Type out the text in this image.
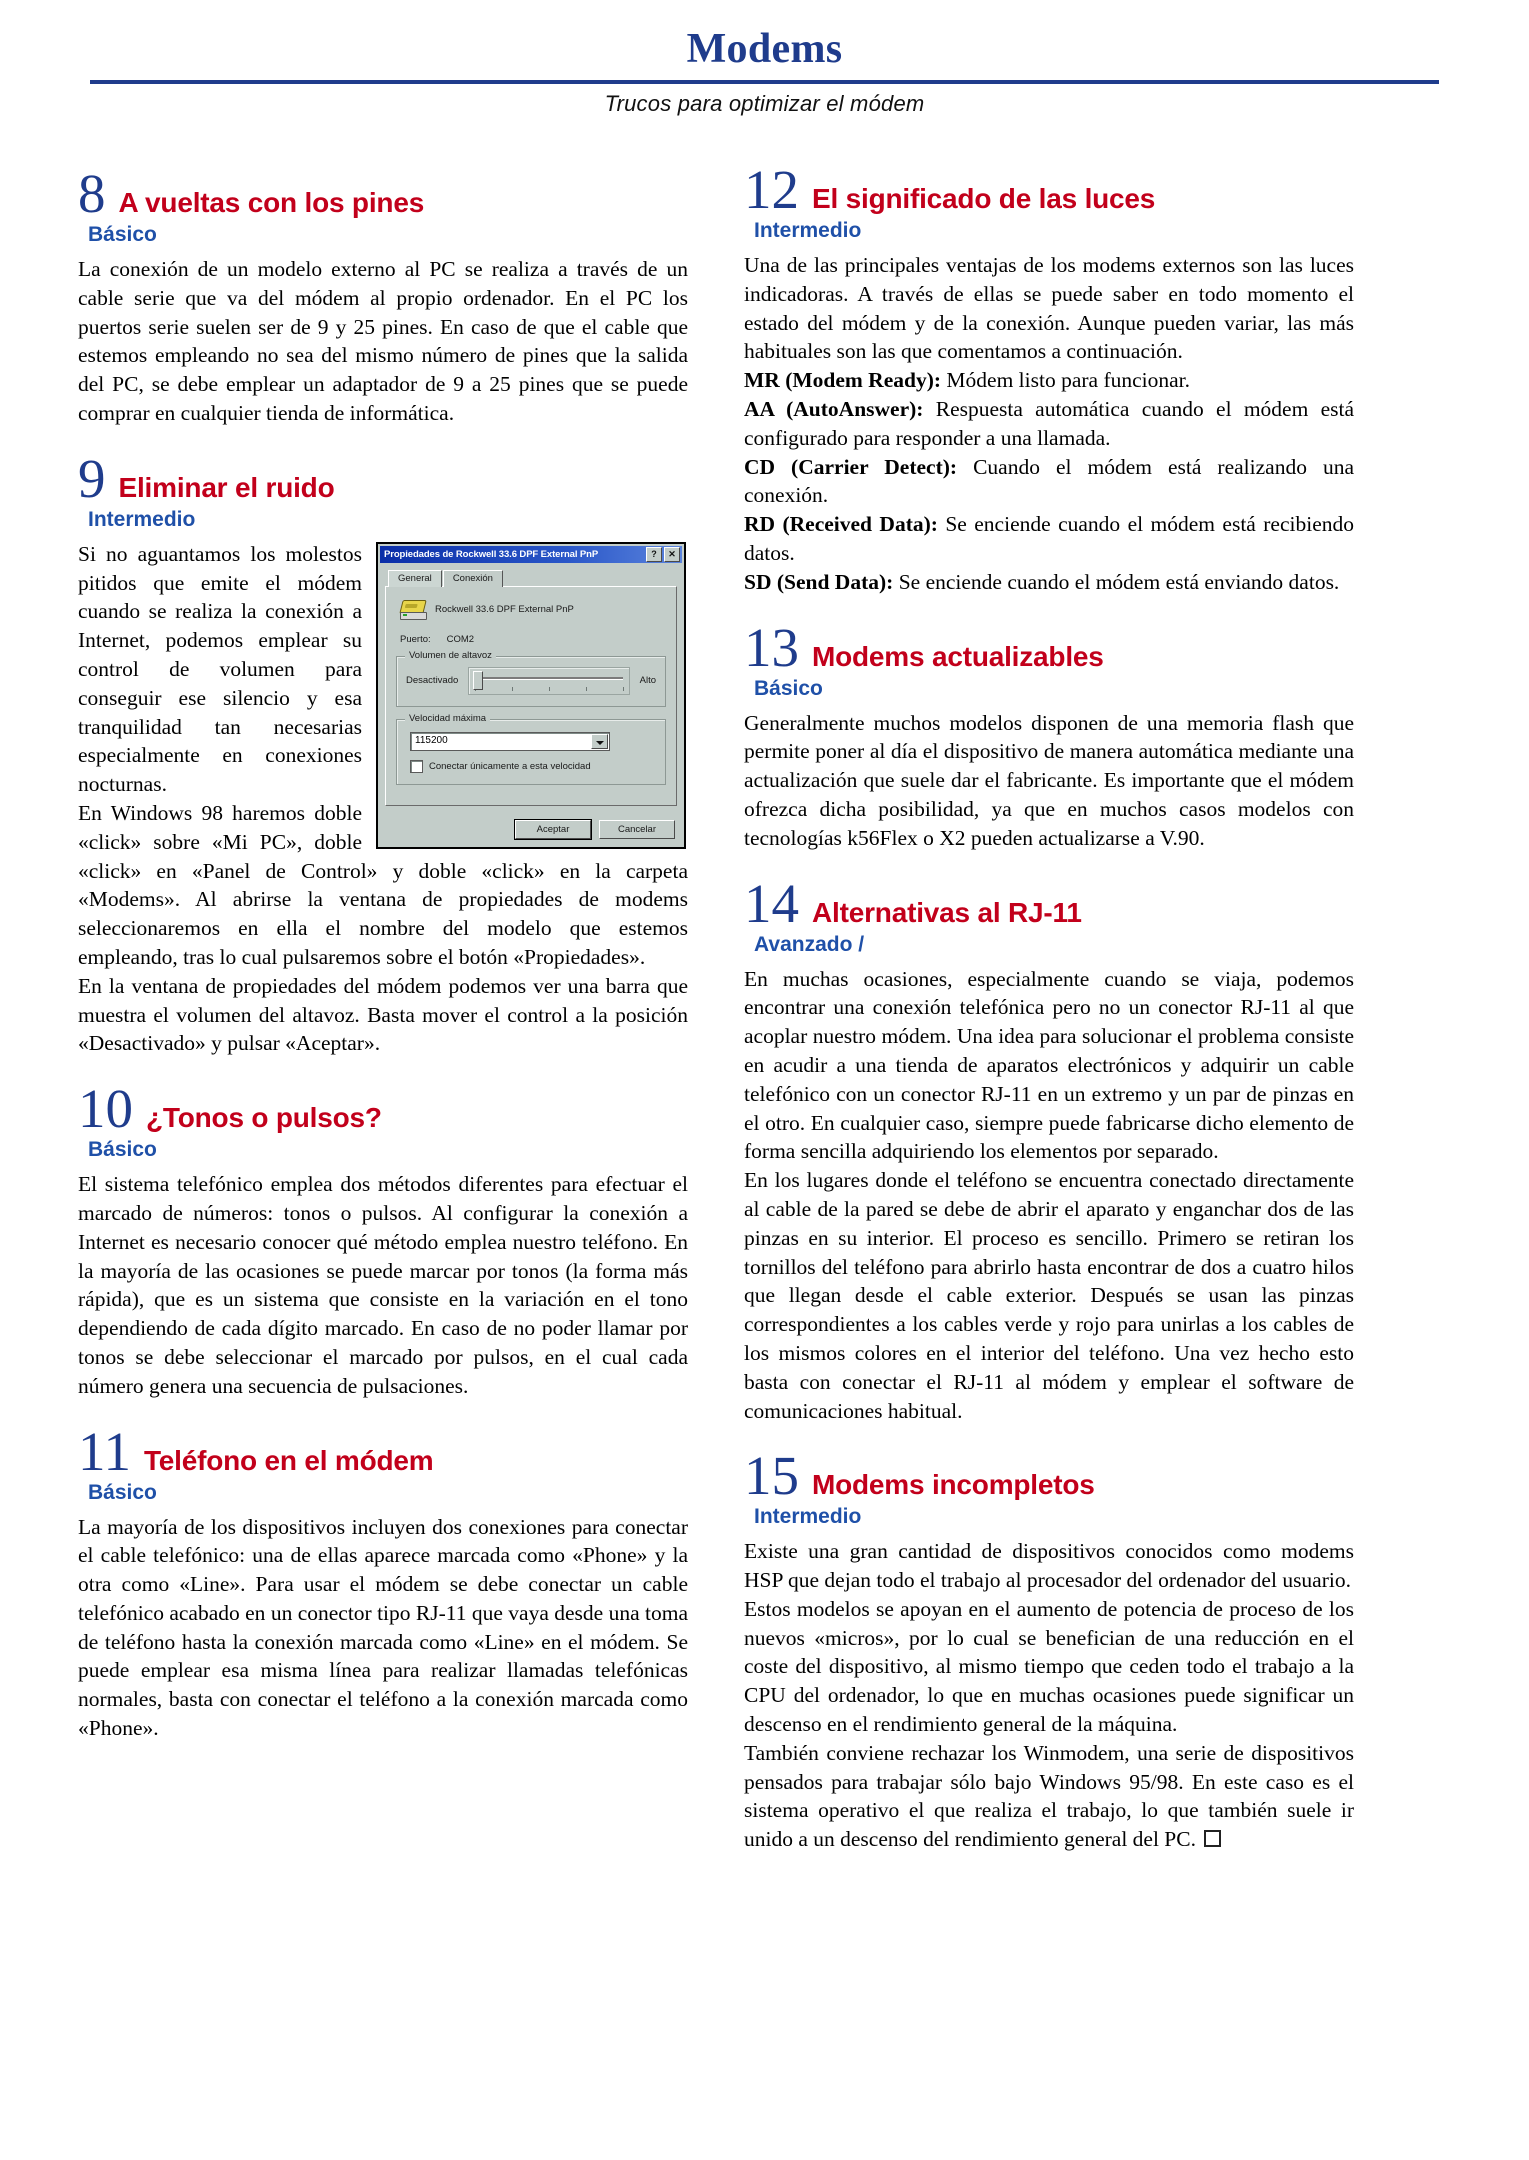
Modems
Trucos para optimizar el módem
8 A vueltas con los pines
Básico

La conexión de un modelo externo al PC se realiza a través de un cable serie que va del módem al propio ordenador. En el PC los puertos serie suelen ser de 9 y 25 pines. En caso de que el cable que estemos empleando no sea del mismo número de pines que la salida del PC, se debe emplear un adaptador de 9 a 25 pines que se puede comprar en cualquier tienda de informática.

9 Eliminar el ruido
Intermedio
Propiedades de Rockwell 33.6 DPF External PnP	?	✕
General	Conexión
Rockwell 33.6 DPF External PnP
Puerto: COM2
Volumen de altavoz
Desactivado	Alto
Velocidad máxima
115200
Conectar únicamente a esta velocidad
Aceptar	Cancelar

Si no aguantamos los molestos pitidos que emite el módem cuando se realiza la conexión a Internet, podemos emplear su control de volumen para conseguir ese silencio y esa tranquilidad tan necesarias especialmente en conexiones nocturnas.

En Windows 98 haremos doble «click» sobre «Mi PC», doble «click» en «Panel de Control» y doble «click» en la carpeta «Modems». Al abrirse la ventana de propiedades de modems seleccionaremos en ella el nombre del modelo que estemos empleando, tras lo cual pulsaremos sobre el botón «Propiedades».

En la ventana de propiedades del módem podemos ver una barra que muestra el volumen del altavoz. Basta mover el control a la posición «Desactivado» y pulsar «Aceptar».

10 ¿Tonos o pulsos?
Básico

El sistema telefónico emplea dos métodos diferentes para efectuar el marcado de números: tonos o pulsos. Al configurar la conexión a Internet es necesario conocer qué método emplea nuestro teléfono. En la mayoría de las ocasiones se puede marcar por tonos (la forma más rápida), que es un sistema que consiste en la variación en el tono dependiendo de cada dígito marcado. En caso de no poder llamar por tonos se debe seleccionar el marcado por pulsos, en el cual cada número genera una secuencia de pulsaciones.

11 Teléfono en el módem
Básico

La mayoría de los dispositivos incluyen dos conexiones para conectar el cable telefónico: una de ellas aparece marcada como «Phone» y la otra como «Line». Para usar el módem se debe conectar un cable telefónico acabado en un conector tipo RJ-11 que vaya desde una toma de teléfono hasta la conexión marcada como «Line» en el módem. Se puede emplear esa misma línea para realizar llamadas telefónicas normales, basta con conectar el teléfono a la conexión marcada como «Phone».

12 El significado de las luces
Intermedio

Una de las principales ventajas de los modems externos son las luces indicadoras. A través de ellas se puede saber en todo momento el estado del módem y de la conexión. Aunque pueden variar, las más habituales son las que comentamos a continuación.

MR (Modem Ready): Módem listo para funcionar.

AA (AutoAnswer): Respuesta automática cuando el módem está configurado para responder a una llamada.

CD (Carrier Detect): Cuando el módem está realizando una conexión.

RD (Received Data): Se enciende cuando el módem está recibiendo datos.

SD (Send Data): Se enciende cuando el módem está enviando datos.

13 Modems actualizables
Básico

Generalmente muchos modelos disponen de una memoria flash que permite poner al día el dispositivo de manera automática mediante una actualización que suele dar el fabricante. Es importante que el módem ofrezca dicha posibilidad, ya que en muchos casos modelos con tecnologías k56Flex o X2 pueden actualizarse a V.90.

14 Alternativas al RJ-11
Avanzado /

En muchas ocasiones, especialmente cuando se viaja, podemos encontrar una conexión telefónica pero no un conector RJ-11 al que acoplar nuestro módem. Una idea para solucionar el problema consiste en acudir a una tienda de aparatos electrónicos y adquirir un cable telefónico con un conector RJ-11 en un extremo y un par de pinzas en el otro. En cualquier caso, siempre puede fabricarse dicho elemento de forma sencilla adquiriendo los elementos por separado.

En los lugares donde el teléfono se encuentra conectado directamente al cable de la pared se debe de abrir el aparato y enganchar dos de las pinzas en su interior. El proceso es sencillo. Primero se retiran los tornillos del teléfono para abrirlo hasta encontrar de dos a cuatro hilos que llegan desde el cable exterior. Después se usan las pinzas correspondientes a los cables verde y rojo para unirlas a los cables de los mismos colores en el interior del teléfono. Una vez hecho esto basta con conectar el RJ-11 al módem y emplear el software de comunicaciones habitual.

15 Modems incompletos
Intermedio

Existe una gran cantidad de dispositivos conocidos como modems HSP que dejan todo el trabajo al procesador del ordenador del usuario.

Estos modelos se apoyan en el aumento de potencia de proceso de los nuevos «micros», por lo cual se benefician de una reducción en el coste del dispositivo, al mismo tiempo que ceden todo el trabajo a la CPU del ordenador, lo que en muchas ocasiones puede significar un descenso en el rendimiento general de la máquina.

También conviene rechazar los Winmodem, una serie de dispositivos pensados para trabajar sólo bajo Windows 95/98. En este caso es el sistema operativo el que realiza el trabajo, lo que también suele ir unido a un descenso del rendimiento general del PC.
